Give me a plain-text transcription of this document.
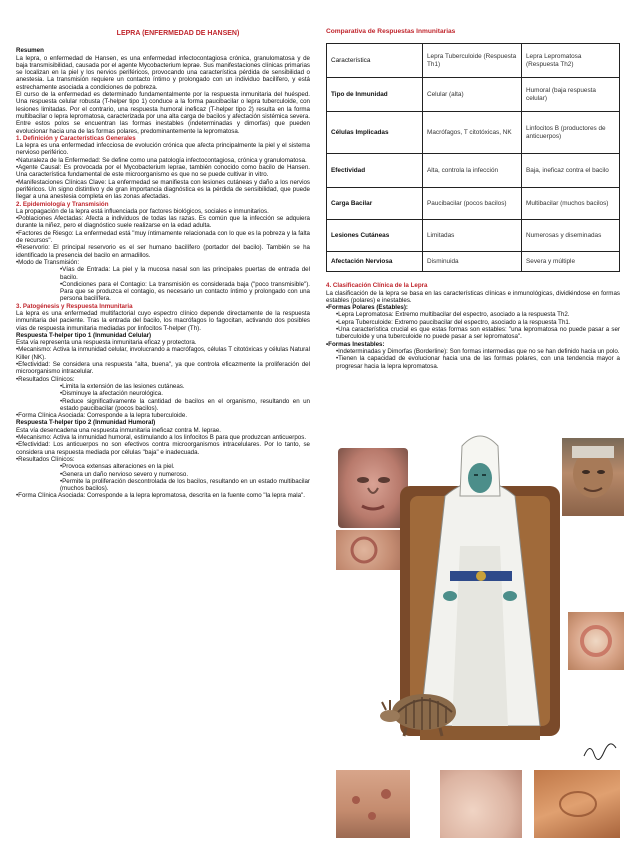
LEPRA (ENFERMEDAD DE HANSEN)
Resumen

La lepra, o enfermedad de Hansen, es una enfermedad infectocontagiosa crónica, granulomatosa y de baja transmisibilidad, causada por el agente Mycobacterium leprae. Sus manifestaciones clínicas primarias se localizan en la piel y los nervios periféricos, provocando una característica pérdida de sensibilidad o anestesia. La transmisión requiere un contacto íntimo y prolongado con un individuo bacilífero, y está estrechamente asociada a condiciones de pobreza.

El curso de la enfermedad es determinado fundamentalmente por la respuesta inmunitaria del huésped. Una respuesta celular robusta (T-helper tipo 1) conduce a la forma paucibacilar o lepra tuberculoide, con lesiones limitadas. Por el contrario, una respuesta humoral ineficaz (T-helper tipo 2) resulta en la forma multibacilar o lepra lepromatosa, caracterizada por una alta carga de bacilos y afectación sistémica severa. Entre estos polos se encuentran las formas inestables (indeterminadas y dimorfas) que pueden evolucionar hacia una de las formas polares, predominantemente la lepromatosa.

1. Definición y Características Generales

La lepra es una enfermedad infecciosa de evolución crónica que afecta principalmente la piel y el sistema nervioso periférico.

•Naturaleza de la Enfermedad: Se define como una patología infectocontagiosa, crónica y granulomatosa.

•Agente Causal: Es provocada por el Mycobacterium leprae, también conocido como bacilo de Hansen. Una característica fundamental de este microorganismo es que no se puede cultivar in vitro.

•Manifestaciones Clínicas Clave: La enfermedad se manifiesta con lesiones cutáneas y daño a los nervios periféricos. Un signo distintivo y de gran importancia diagnóstica es la pérdida de sensibilidad, que puede llegar a una anestesia completa en las zonas afectadas.

2. Epidemiología y Transmisión

La propagación de la lepra está influenciada por factores biológicos, sociales e inmunitarios.

•Poblaciones Afectadas: Afecta a individuos de todas las razas. Es común que la infección se adquiera durante la niñez, pero el diagnóstico suele realizarse en la edad adulta.

•Factores de Riesgo: La enfermedad está "muy íntimamente relacionada con lo que es la pobreza y la falta de recursos".

•Reservorio: El principal reservorio es el ser humano bacilífero (portador del bacilo). También se ha identificado la presencia del bacilo en armadillos.

•Modo de Transmisión:

•Vías de Entrada: La piel y la mucosa nasal son las principales puertas de entrada del bacilo.

•Condiciones para el Contagio: La transmisión es considerada baja ("poco transmisible"). Para que se produzca el contagio, es necesario un contacto íntimo y prolongado con una persona bacilífera.

3. Patogénesis y Respuesta Inmunitaria

La lepra es una enfermedad multifactorial cuyo espectro clínico depende directamente de la respuesta inmunitaria del paciente. Tras la entrada del bacilo, los macrófagos lo fagocitan, activando dos posibles vías de respuesta inmunitaria mediadas por linfocitos T-helper (Th).

Respuesta T-helper tipo 1 (Inmunidad Celular)

Esta vía representa una respuesta inmunitaria eficaz y protectora.

•Mecanismo: Activa la inmunidad celular, involucrando a macrófagos, células T citotóxicas y células Natural Killer (NK).

•Efectividad: Se considera una respuesta "alta, buena", ya que controla eficazmente la proliferación del microorganismo intracelular.

•Resultados Clínicos:

•Limita la extensión de las lesiones cutáneas.

•Disminuye la afectación neurológica.

•Reduce significativamente la cantidad de bacilos en el organismo, resultando en un estado paucibacilar (pocos bacilos).

•Forma Clínica Asociada: Corresponde a la lepra tuberculoide.

Respuesta T-helper tipo 2 (Inmunidad Humoral)

Esta vía desencadena una respuesta inmunitaria ineficaz contra M. leprae.

•Mecanismo: Activa la inmunidad humoral, estimulando a los linfocitos B para que produzcan anticuerpos.

•Efectividad: Los anticuerpos no son efectivos contra microorganismos intracelulares. Por lo tanto, se considera una respuesta mediada por células "baja" e inadecuada.

•Resultados Clínicos:

•Provoca extensas alteraciones en la piel.

•Genera un daño nervioso severo y numeroso.

•Permite la proliferación descontrolada de los bacilos, resultando en un estado multibacilar (muchos bacilos).

•Forma Clínica Asociada: Corresponde a la lepra lepromatosa, descrita en la fuente como "la lepra mala".

Comparativa de Respuestas Inmunitarias
Característica	Lepra Tuberculoide (Respuesta Th1)	Lepra Lepromatosa (Respuesta Th2)
Tipo de Inmunidad	Celular (alta)	Humoral (baja respuesta celular)
Células Implicadas	Macrófagos, T citotóxicas, NK	Linfocitos B (productores de anticuerpos)
Efectividad	Alta, controla la infección	Baja, ineficaz contra el bacilo
Carga Bacilar	Paucibacilar (pocos bacilos)	Multibacilar (muchos bacilos)
Lesiones Cutáneas	Limitadas	Numerosas y diseminadas
Afectación Nerviosa	Disminuida	Severa y múltiple
4. Clasificación Clínica de la Lepra

La clasificación de la lepra se basa en las características clínicas e inmunológicas, dividiéndose en formas estables (polares) e inestables.

•Formas Polares (Estables):

•Lepra Lepromatosa: Extremo multibacilar del espectro, asociado a la respuesta Th2.

•Lepra Tuberculoide: Extremo paucibacilar del espectro, asociado a la respuesta Th1.

•Una característica crucial es que estas formas son estables: "una lepromatosa no puede pasar a ser tuberculoide y una tuberculoide no puede pasar a ser lepromatosa".

•Formas Inestables:

•Indeterminadas y Dimorfas (Borderline): Son formas intermedias que no se han definido hacia un polo.

•Tienen la capacidad de evolucionar hacia una de las formas polares, con una tendencia mayor a progresar hacia la lepra lepromatosa.
